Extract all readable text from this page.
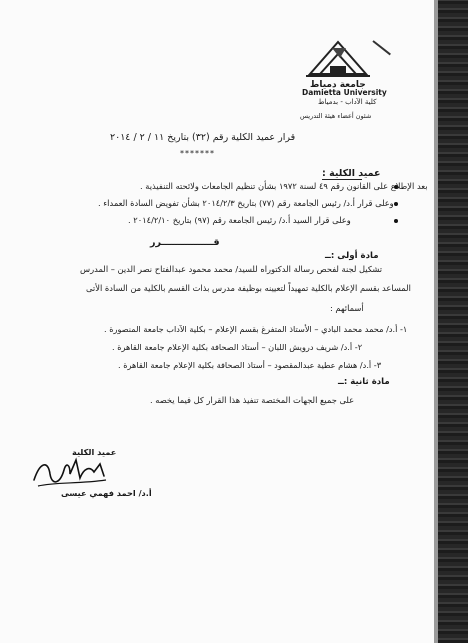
جامعة دمياط
Damietta University
كلية الآداب - بدمياط
شئون أعضاء هيئة التدريس
قرار عميد الكلية رقم (٣٢) بتاريخ ١١ / ٢ / ٢٠١٤
*******
عميد الكلية :
بعد الإطلاع على القانون رقم ٤٩ لسنة ١٩٧٢ بشأن تنظيم الجامعات ولائحته التنفيذية .
وعلى قرار أ.د/ رئيس الجامعة رقم (٧٧) بتاريخ ٢٠١٤/٢/٣ بشأن تفويض السادة العمداء .
وعلى قرار السيد أ.د/ رئيس الجامعة رقم (٩٧) بتاريخ ٢٠١٤/٢/١٠ .
قــــــــــــــــرر
مادة أولى :ــ
تشكيل لجنة لفحص رسالة الدكتوراه للسيد/ محمد محمود عبدالفتاح نصر الدين – المدرس
المساعد بقسم الإعلام بالكلية تمهيداً لتعيينه بوظيفة مدرس بذات القسم بالكلية من السادة الأتى
أسمائهم :
١- أ.د/ محمد محمد البادي – الأستاذ المتفرغ بقسم الإعلام – بكلية الآداب جامعة المنصورة .
٢- أ.د/ شريف درويش اللبان – أستاذ الصحافة بكلية الإعلام جامعة القاهرة .
٣- أ.د/ هشام عطية عبدالمقصود – أستاذ الصحافة بكلية الإعلام جامعة القاهرة .
مادة ثانية :ــ
على جميع الجهات المختصة تنفيذ هذا القرار كل فيما يخصه .
عميد الكلية
أ.د/ احمد فهمي عيسى
